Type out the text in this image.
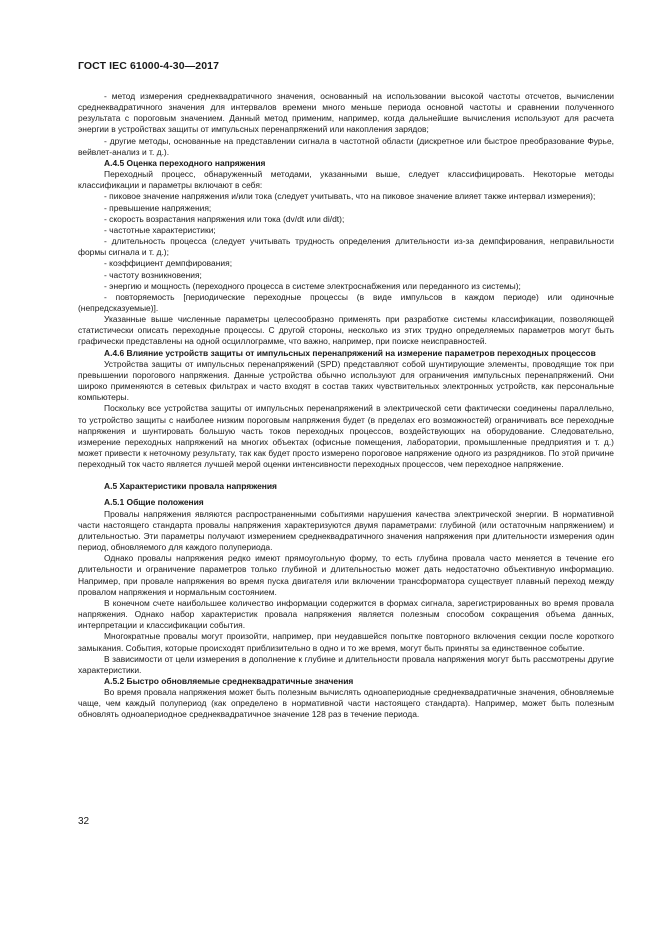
ГОСТ IEC 61000-4-30—2017

- метод измерения среднеквадратичного значения, основанный на использовании высокой частоты отсчетов, вычислении среднеквадратичного значения для интервалов времени много меньше периода основной частоты и сравнении полученного результата с пороговым значением. Данный метод применим, например, когда дальнейшие вычисления используют для расчета энергии в устройствах защиты от импульсных перенапряжений или накопления зарядов;

- другие методы, основанные на представлении сигнала в частотной области (дискретное или быстрое преобразование Фурье, вейвлет-анализ и т. д.).

А.4.5 Оценка переходного напряжения

Переходный процесс, обнаруженный методами, указанными выше, следует классифицировать. Некоторые методы классификации и параметры включают в себя:

- пиковое значение напряжения и/или тока (следует учитывать, что на пиковое значение влияет также интервал измерения);

- превышение напряжения;

- скорость возрастания напряжения или тока (dv/dt или di/dt);

- частотные характеристики;

- длительность процесса (следует учитывать трудность определения длительности из-за демпфирования, неправильности формы сигнала и т. д.);

- коэффициент демпфирования;

- частоту возникновения;

- энергию и мощность (переходного процесса в системе электроснабжения или переданного из системы);

- повторяемость [периодические переходные процессы (в виде импульсов в каждом периоде) или одиночные (непредсказуемые)].

Указанные выше численные параметры целесообразно применять при разработке системы классификации, позволяющей статистически описать переходные процессы. С другой стороны, несколько из этих трудно определяемых параметров могут быть графически представлены на одной осциллограмме, что важно, например, при поиске неисправностей.

А.4.6 Влияние устройств защиты от импульсных перенапряжений на измерение параметров переходных процессов

Устройства защиты от импульсных перенапряжений (SPD) представляют собой шунтирующие элементы, проводящие ток при превышении порогового напряжения. Данные устройства обычно используют для ограничения импульсных перенапряжений. Они широко применяются в сетевых фильтрах и часто входят в состав таких чувствительных электронных устройств, как персональные компьютеры.

Поскольку все устройства защиты от импульсных перенапряжений в электрической сети фактически соединены параллельно, то устройство защиты с наиболее низким пороговым напряжения будет (в пределах его возможностей) ограничивать все переходные напряжения и шунтировать большую часть токов переходных процессов, воздействующих на оборудование. Следовательно, измерение переходных напряжений на многих объектах (офисные помещения, лаборатории, промышленные предприятия и т. д.) может привести к неточному результату, так как будет просто измерено пороговое напряжение одного из разрядников. По этой причине переходный ток часто является лучшей мерой оценки интенсивности переходных процессов, чем переходное напряжение.

А.5 Характеристики провала напряжения

А.5.1 Общие положения

Провалы напряжения являются распространенными событиями нарушения качества электрической энергии. В нормативной части настоящего стандарта провалы напряжения характеризуются двумя параметрами: глубиной (или остаточным напряжением) и длительностью. Эти параметры получают измерением среднеквадратичного значения напряжения при длительности измерения один период, обновляемого для каждого полупериода.

Однако провалы напряжения редко имеют прямоугольную форму, то есть глубина провала часто меняется в течение его длительности и ограничение параметров только глубиной и длительностью может дать недостаточно объективную информацию. Например, при провале напряжения во время пуска двигателя или включении трансформатора существует плавный переход между провалом напряжения и нормальным состоянием.

В конечном счете наибольшее количество информации содержится в формах сигнала, зарегистрированных во время провала напряжения. Однако набор характеристик провала напряжения является полезным способом сокращения объема данных, интерпретации и классификации события.

Многократные провалы могут произойти, например, при неудавшейся попытке повторного включения секции после короткого замыкания. События, которые происходят приблизительно в одно и то же время, могут быть приняты за единственное событие.

В зависимости от цели измерения в дополнение к глубине и длительности провала напряжения могут быть рассмотрены другие характеристики.

А.5.2 Быстро обновляемые среднеквадратичные значения

Во время провала напряжения может быть полезным вычислять одноапериодные среднеквадратичные значения, обновляемые чаще, чем каждый полупериод (как определено в нормативной части настоящего стандарта). Например, может быть полезным обновлять одноапериодное среднеквадратичное значение 128 раз в течение периода.

32
